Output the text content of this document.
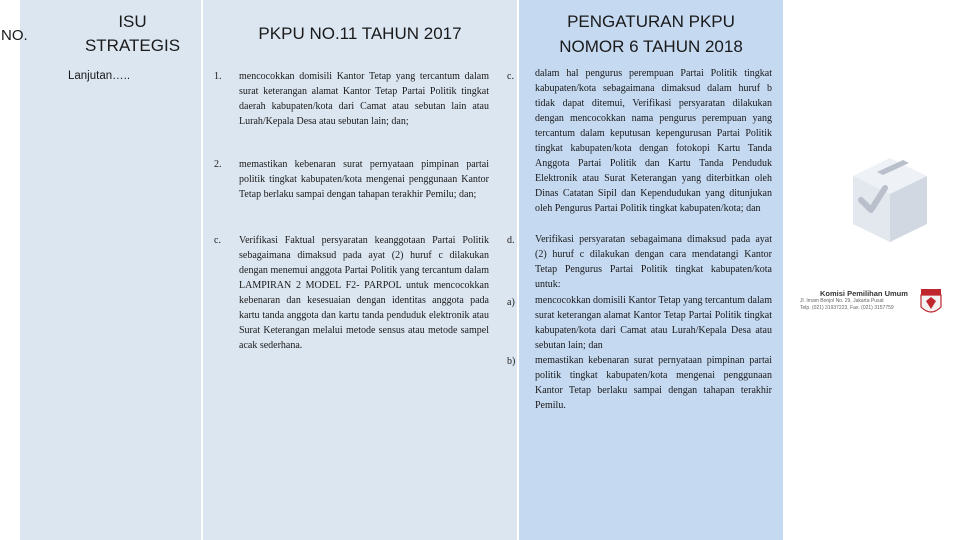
NO.
ISU
STRATEGIS
PKPU NO.11 TAHUN 2017
PENGATURAN PKPU
NOMOR 6 TAHUN 2018
Lanjutan…..	1. mencocokkan domisili Kantor Tetap yang tercantum dalam surat keterangan alamat Kantor Tetap Partai Politik tingkat daerah kabupaten/kota dari Camat atau sebutan lain atau Lurah/Kepala Desa atau sebutan lain; dan;
2. memastikan kebenaran surat pernyataan pimpinan partai politik tingkat kabupaten/kota mengenai penggunaan Kantor Tetap berlaku sampai dengan tahapan terakhir Pemilu; dan;
c. Verifikasi Faktual persyaratan keanggotaan Partai Politik sebagaimana dimaksud pada ayat (2) huruf c dilakukan dengan menemui anggota Partai Politik yang tercantum dalam LAMPIRAN 2 MODEL F2- PARPOL untuk mencocokkan kebenaran dan kesesuaian dengan identitas anggota pada kartu tanda anggota dan kartu tanda penduduk elektronik atau Surat Keterangan melalui metode sensus atau metode sampel acak sederhana.
c. dalam hal pengurus perempuan Partai Politik tingkat kabupaten/kota sebagaimana dimaksud dalam huruf b tidak dapat ditemui, Verifikasi persyaratan dilakukan dengan mencocokkan nama pengurus perempuan yang tercantum dalam keputusan kepengurusan Partai Politik tingkat kabupaten/kota dengan fotokopi Kartu Tanda Anggota Partai Politik dan Kartu Tanda Penduduk Elektronik atau Surat Keterangan yang diterbitkan oleh Dinas Catatan Sipil dan Kependudukan yang ditunjukan oleh Pengurus Partai Politik tingkat kabupaten/kota; dan
d. Verifikasi persyaratan sebagaimana dimaksud pada ayat (2) huruf c dilakukan dengan cara mendatangi Kantor Tetap Pengurus Partai Politik tingkat kabupaten/kota untuk:
a) mencocokkan domisili Kantor Tetap yang tercantum dalam surat keterangan alamat Kantor Tetap Partai Politik tingkat kabupaten/kota dari Camat atau Lurah/Kepala Desa atau sebutan lain; dan
b) memastikan kebenaran surat pernyataan pimpinan partai politik tingkat kabupaten/kota mengenai penggunaan Kantor Tetap berlaku sampai dengan tahapan terakhir Pemilu.
Komisi Pemilihan Umum
Jl. Imam Bonjol No. 29, Jakarta Pusat
Telp. (021) 31937223, Fax. (021) 3157759
